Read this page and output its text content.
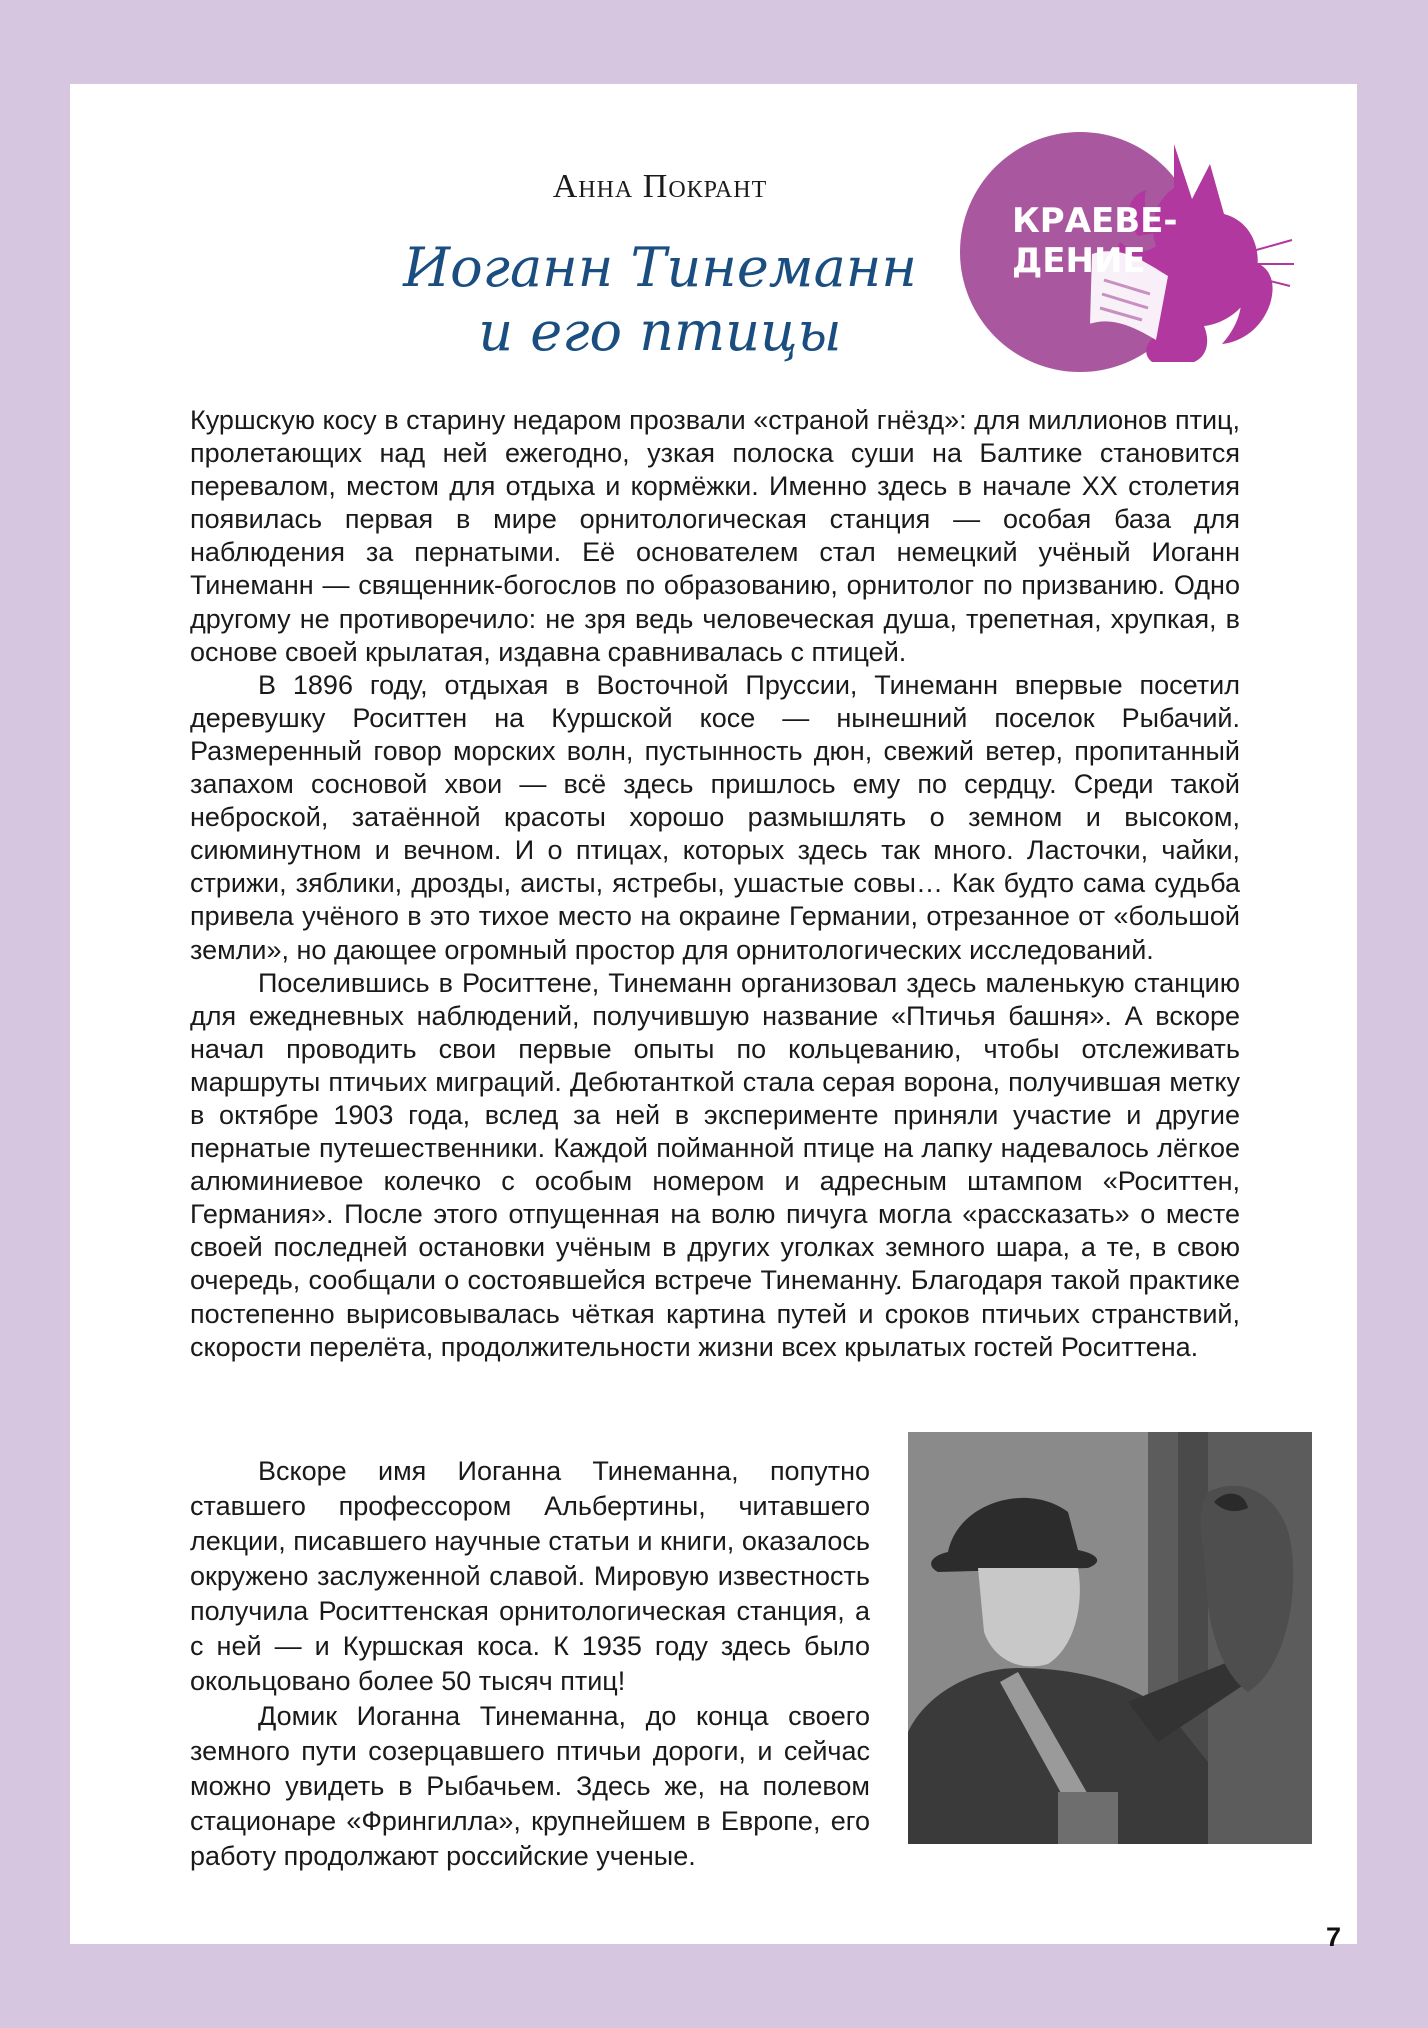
Анна Покрант
Иоганн Тинеманн
и его птицы
КРАЕВЕ-
ДЕНИЕ

Куршскую косу в старину недаром прозвали «страной гнёзд»: для миллионов птиц, пролетающих над ней ежегодно, узкая полоска суши на Балтике становится перевалом, местом для отдыха и кормёжки. Именно здесь в начале XX столетия появилась первая в мире орнитологическая станция — особая база для наблюдения за пернатыми. Её основателем стал немецкий учёный Иоганн Тинеманн — священник-богослов по образованию, орнитолог по призванию. Одно другому не противоречило: не зря ведь человеческая душа, трепетная, хрупкая, в основе своей крылатая, издавна сравнивалась с птицей.

В 1896 году, отдыхая в Восточной Пруссии, Тинеманн впервые посетил деревушку Роситтен на Куршской косе — нынешний поселок Рыбачий. Размеренный говор морских волн, пустынность дюн, свежий ветер, пропитанный запахом сосновой хвои — всё здесь пришлось ему по сердцу. Среди такой неброской, затаённой красоты хорошо размышлять о земном и высоком, сиюминутном и вечном. И о птицах, которых здесь так много. Ласточки, чайки, стрижи, зяблики, дрозды, аисты, ястребы, ушастые совы… Как будто сама судьба привела учёного в это тихое место на окраине Германии, отрезанное от «большой земли», но дающее огромный простор для орнитологических исследований.

Поселившись в Роситтене, Тинеманн организовал здесь маленькую станцию для ежедневных наблюдений, получившую название «Птичья башня». А вскоре начал проводить свои первые опыты по кольцеванию, чтобы отслеживать маршруты птичьих миграций. Дебютанткой стала серая ворона, получившая метку в октябре 1903 года, вслед за ней в эксперименте приняли участие и другие пернатые путешественники. Каждой пойманной птице на лапку надевалось лёгкое алюминиевое колечко с особым номером и адресным штампом «Роситтен, Германия». После этого отпущенная на волю пичуга могла «рассказать» о месте своей последней остановки учёным в других уголках земного шара, а те, в свою очередь, сообщали о состоявшейся встрече Тинеманну. Благодаря такой практике постепенно вырисовывалась чёткая картина путей и сроков птичьих странствий, скорости перелёта, продолжительности жизни всех крылатых гостей Роситтена.

Вскоре имя Иоганна Тинеманна, попутно ставшего профессором Альбертины, читавшего лекции, писавшего научные статьи и книги, оказалось окружено заслуженной славой. Мировую известность получила Роситтенская орнитологическая станция, а с ней — и Куршская коса. К 1935 году здесь было окольцовано более 50 тысяч птиц!

Домик Иоганна Тинеманна, до конца своего земного пути созерцавшего птичьи дороги, и сейчас можно увидеть в Рыбачьем. Здесь же, на полевом стационаре «Фрингилла», крупнейшем в Европе, его работу продолжают российские ученые.

7
